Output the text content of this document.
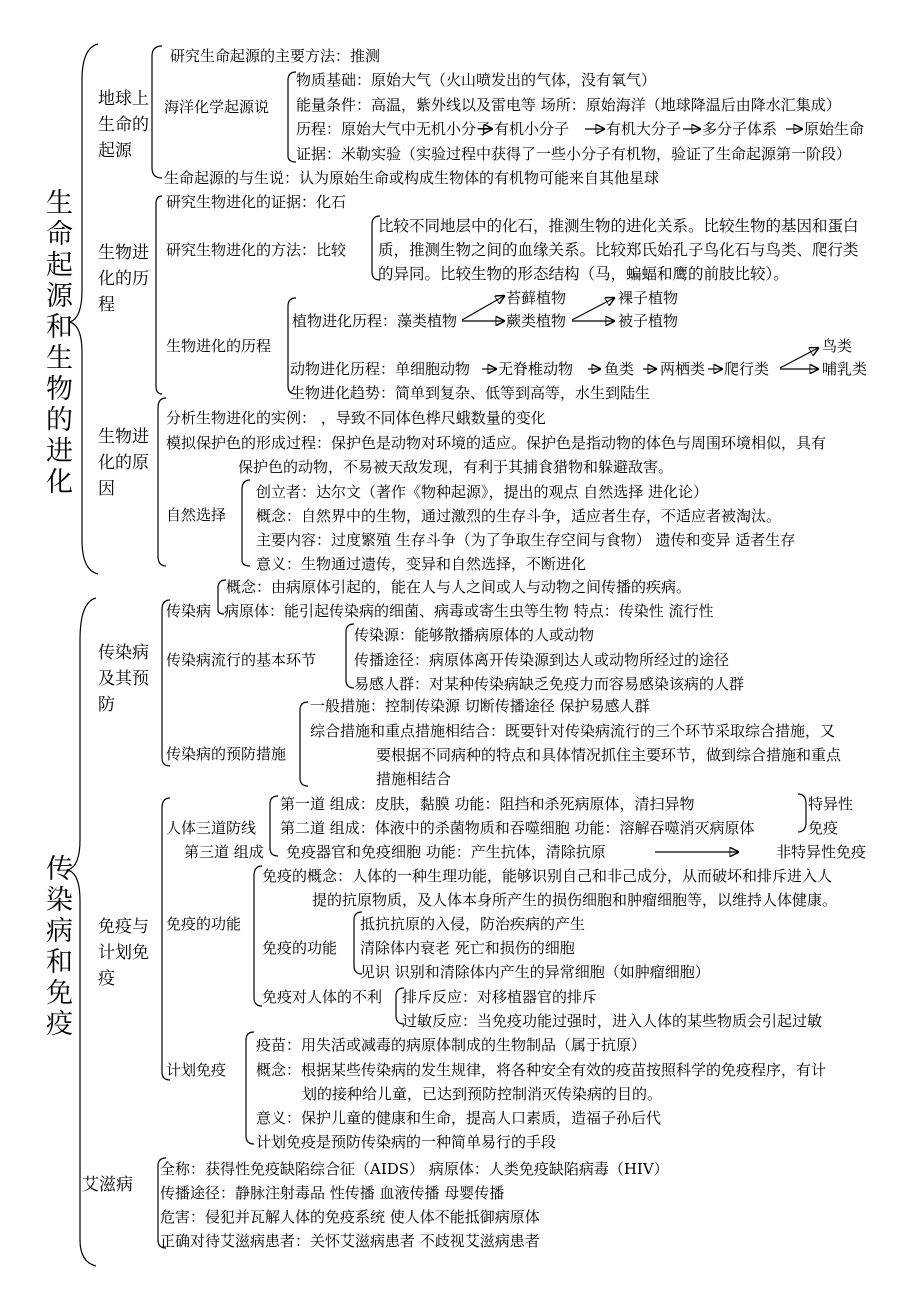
生命起源和生物的进化
传染病和免疫
地球上生命的起源
生物进化的历程
生物进化的原因
传染病及其预防
免疫与计划免疫
艾滋病
研究生命起源的主要方法：推测
海洋化学起源说
物质基础：原始大气（火山喷发出的气体，没有氧气）
能量条件：高温，紫外线以及雷电等 场所：原始海洋（地球降温后由降水汇集成）
历程：原始大气中无机小分子 有机小分子 有机大分子 多分子体系 原始生命
证据：米勒实验（实验过程中获得了一些小分子有机物，验证了生命起源第一阶段）
生命起源的与生说：认为原始生命或构成生物体的有机物可能来自其他星球
研究生物进化的证据：化石
研究生物进化的方法：比较
比较不同地层中的化石，推测生物的进化关系。比较生物的基因和蛋白
质，推测生物之间的血缘关系。比较郑氏始孔子鸟化石与鸟类、爬行类
的异同。比较生物的形态结构（马，蝙蝠和鹰的前肢比较）。
生物进化的历程
植物进化历程：藻类植物
苔藓植物
蕨类植物
裸子植物
被子植物
动物进化历程：单细胞动物 无脊椎动物 鱼类 两栖类 爬行类
鸟类
哺乳类
生物进化趋势：简单到复杂、低等到高等，水生到陆生
分析生物进化的实例： ，导致不同体色桦尺蛾数量的变化
模拟保护色的形成过程：保护色是动物对环境的适应。保护色是指动物的体色与周围环境相似，具有
保护色的动物，不易被天敌发现，有利于其捕食猎物和躲避敌害。
自然选择
创立者：达尔文（著作《物种起源》，提出的观点 自然选择 进化论）
概念：自然界中的生物，通过激烈的生存斗争，适应者生存，不适应者被淘汰。
主要内容：过度繁殖 生存斗争（为了争取生存空间与食物） 遗传和变异 适者生存
意义：生物通过遗传，变异和自然选择，不断进化
传染病
概念：由病原体引起的，能在人与人之间或人与动物之间传播的疾病。
病原体：能引起传染病的细菌、病毒或寄生虫等生物 特点：传染性 流行性
传染病流行的基本环节
传染源：能够散播病原体的人或动物
传播途径：病原体离开传染源到达人或动物所经过的途径
易感人群：对某种传染病缺乏免疫力而容易感染该病的人群
传染病的预防措施
一般措施：控制传染源 切断传播途径 保护易感人群
综合措施和重点措施相结合：既要针对传染病流行的三个环节采取综合措施，又
要根据不同病种的特点和具体情况抓住主要环节，做到综合措施和重点
措施相结合
人体三道防线
第一道 组成：皮肤，黏膜 功能：阻挡和杀死病原体，清扫异物
第二道 组成：体液中的杀菌物质和吞噬细胞 功能：溶解吞噬消灭病原体
第三道 组成 免疫器官和免疫细胞 功能：产生抗体，清除抗原
特异性
免疫
非特异性免疫
免疫的功能
免疫的概念：人体的一种生理功能，能够识别自己和非己成分，从而破坏和排斥进入人
提的抗原物质，及人体本身所产生的损伤细胞和肿瘤细胞等，以维持人体健康。
免疫的功能
抵抗抗原的入侵，防治疾病的产生
清除体内衰老 死亡和损伤的细胞
见识 识别和清除体内产生的异常细胞（如肿瘤细胞）
免疫对人体的不利 排斥反应：对移植器官的排斥
过敏反应：当免疫功能过强时，进入人体的某些物质会引起过敏
计划免疫
疫苗：用失活或减毒的病原体制成的生物制品（属于抗原）
概念：根据某些传染病的发生规律，将各种安全有效的疫苗按照科学的免疫程序，有计
划的接种给儿童，已达到预防控制消灭传染病的目的。
意义：保护儿童的健康和生命，提高人口素质，造福子孙后代
计划免疫是预防传染病的一种简单易行的手段
全称：获得性免疫缺陷综合征（AIDS） 病原体：人类免疫缺陷病毒（HIV）
传播途径：静脉注射毒品 性传播 血液传播 母婴传播
危害：侵犯并瓦解人体的免疫系统 使人体不能抵御病原体
正确对待艾滋病患者：关怀艾滋病患者 不歧视艾滋病患者
